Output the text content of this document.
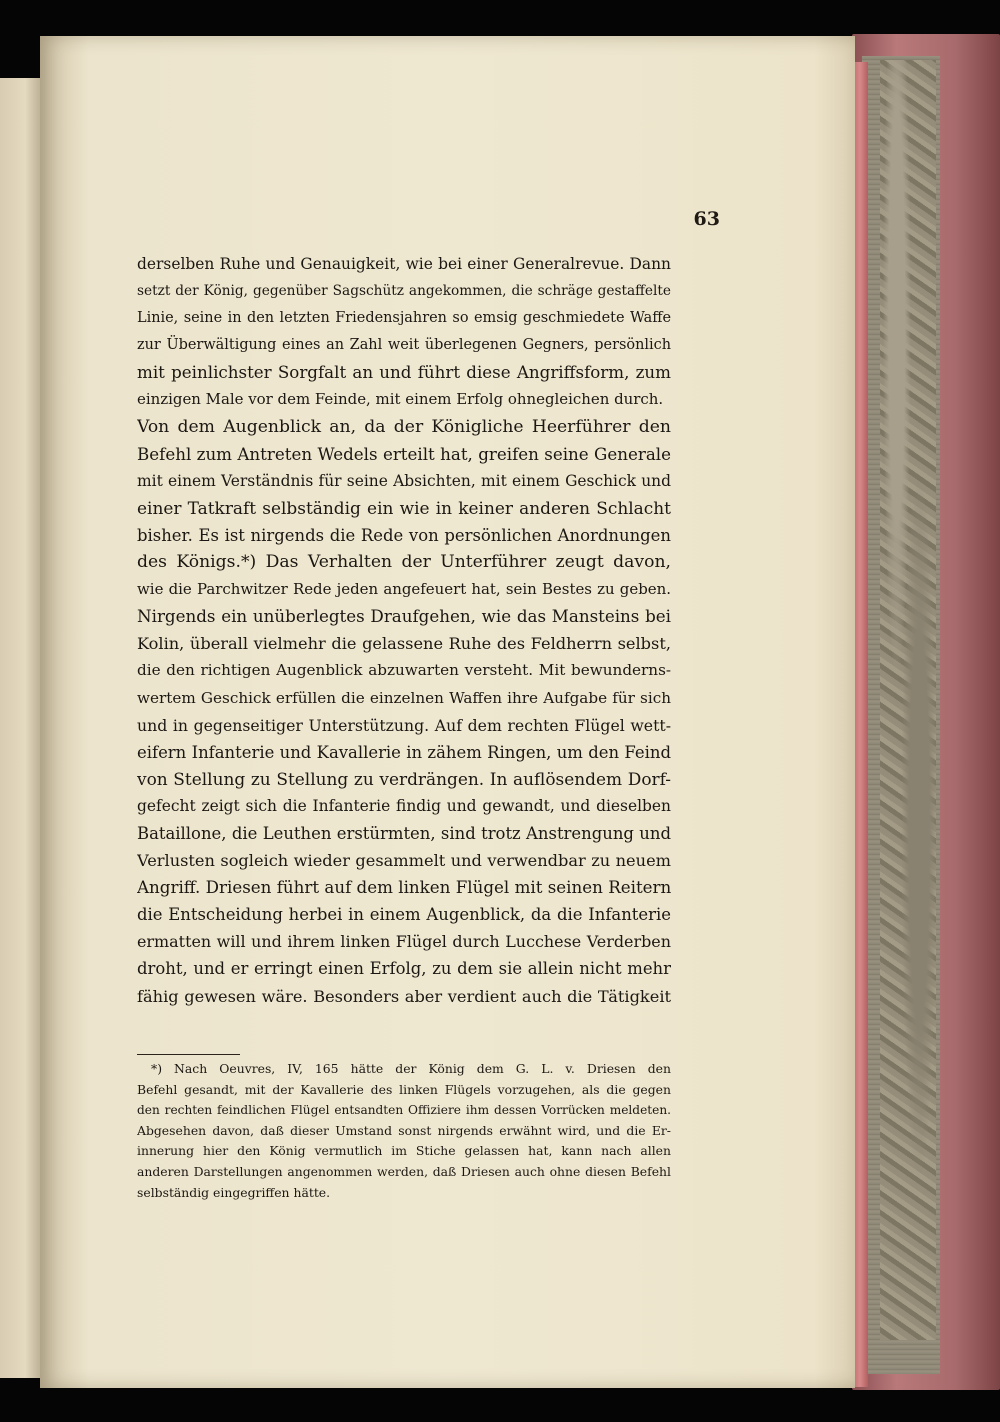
63
derselben Ruhe und Genauigkeit, wie bei einer Generalrevue. Dann
setzt der König, gegenüber Sagschütz angekommen, die schräge gestaffelte
Linie, seine in den letzten Friedensjahren so emsig geschmiedete Waffe
zur Überwältigung eines an Zahl weit überlegenen Gegners, persönlich
mit peinlichster Sorgfalt an und führt diese Angriffsform, zum
einzigen Male vor dem Feinde, mit einem Erfolg ohnegleichen durch.
Von dem Augenblick an, da der Königliche Heerführer den
Befehl zum Antreten Wedels erteilt hat, greifen seine Generale
mit einem Verständnis für seine Absichten, mit einem Geschick und
einer Tatkraft selbständig ein wie in keiner anderen Schlacht
bisher. Es ist nirgends die Rede von persönlichen Anordnungen
des Königs.*) Das Verhalten der Unterführer zeugt davon,
wie die Parchwitzer Rede jeden angefeuert hat, sein Bestes zu geben.
Nirgends ein unüberlegtes Draufgehen, wie das Mansteins bei
Kolin, überall vielmehr die gelassene Ruhe des Feldherrn selbst,
die den richtigen Augenblick abzuwarten versteht. Mit bewunderns-
wertem Geschick erfüllen die einzelnen Waffen ihre Aufgabe für sich
und in gegenseitiger Unterstützung. Auf dem rechten Flügel wett-
eifern Infanterie und Kavallerie in zähem Ringen, um den Feind
von Stellung zu Stellung zu verdrängen. In auflösendem Dorf-
gefecht zeigt sich die Infanterie findig und gewandt, und dieselben
Bataillone, die Leuthen erstürmten, sind trotz Anstrengung und
Verlusten sogleich wieder gesammelt und verwendbar zu neuem
Angriff. Driesen führt auf dem linken Flügel mit seinen Reitern
die Entscheidung herbei in einem Augenblick, da die Infanterie
ermatten will und ihrem linken Flügel durch Lucchese Verderben
droht, und er erringt einen Erfolg, zu dem sie allein nicht mehr
fähig gewesen wäre. Besonders aber verdient auch die Tätigkeit
*) Nach Oeuvres, IV, 165 hätte der König dem G. L. v. Driesen den
Befehl gesandt, mit der Kavallerie des linken Flügels vorzugehen, als die gegen
den rechten feindlichen Flügel entsandten Offiziere ihm dessen Vorrücken meldeten.
Abgesehen davon, daß dieser Umstand sonst nirgends erwähnt wird, und die Er-
innerung hier den König vermutlich im Stiche gelassen hat, kann nach allen
anderen Darstellungen angenommen werden, daß Driesen auch ohne diesen Befehl
selbständig eingegriffen hätte.
